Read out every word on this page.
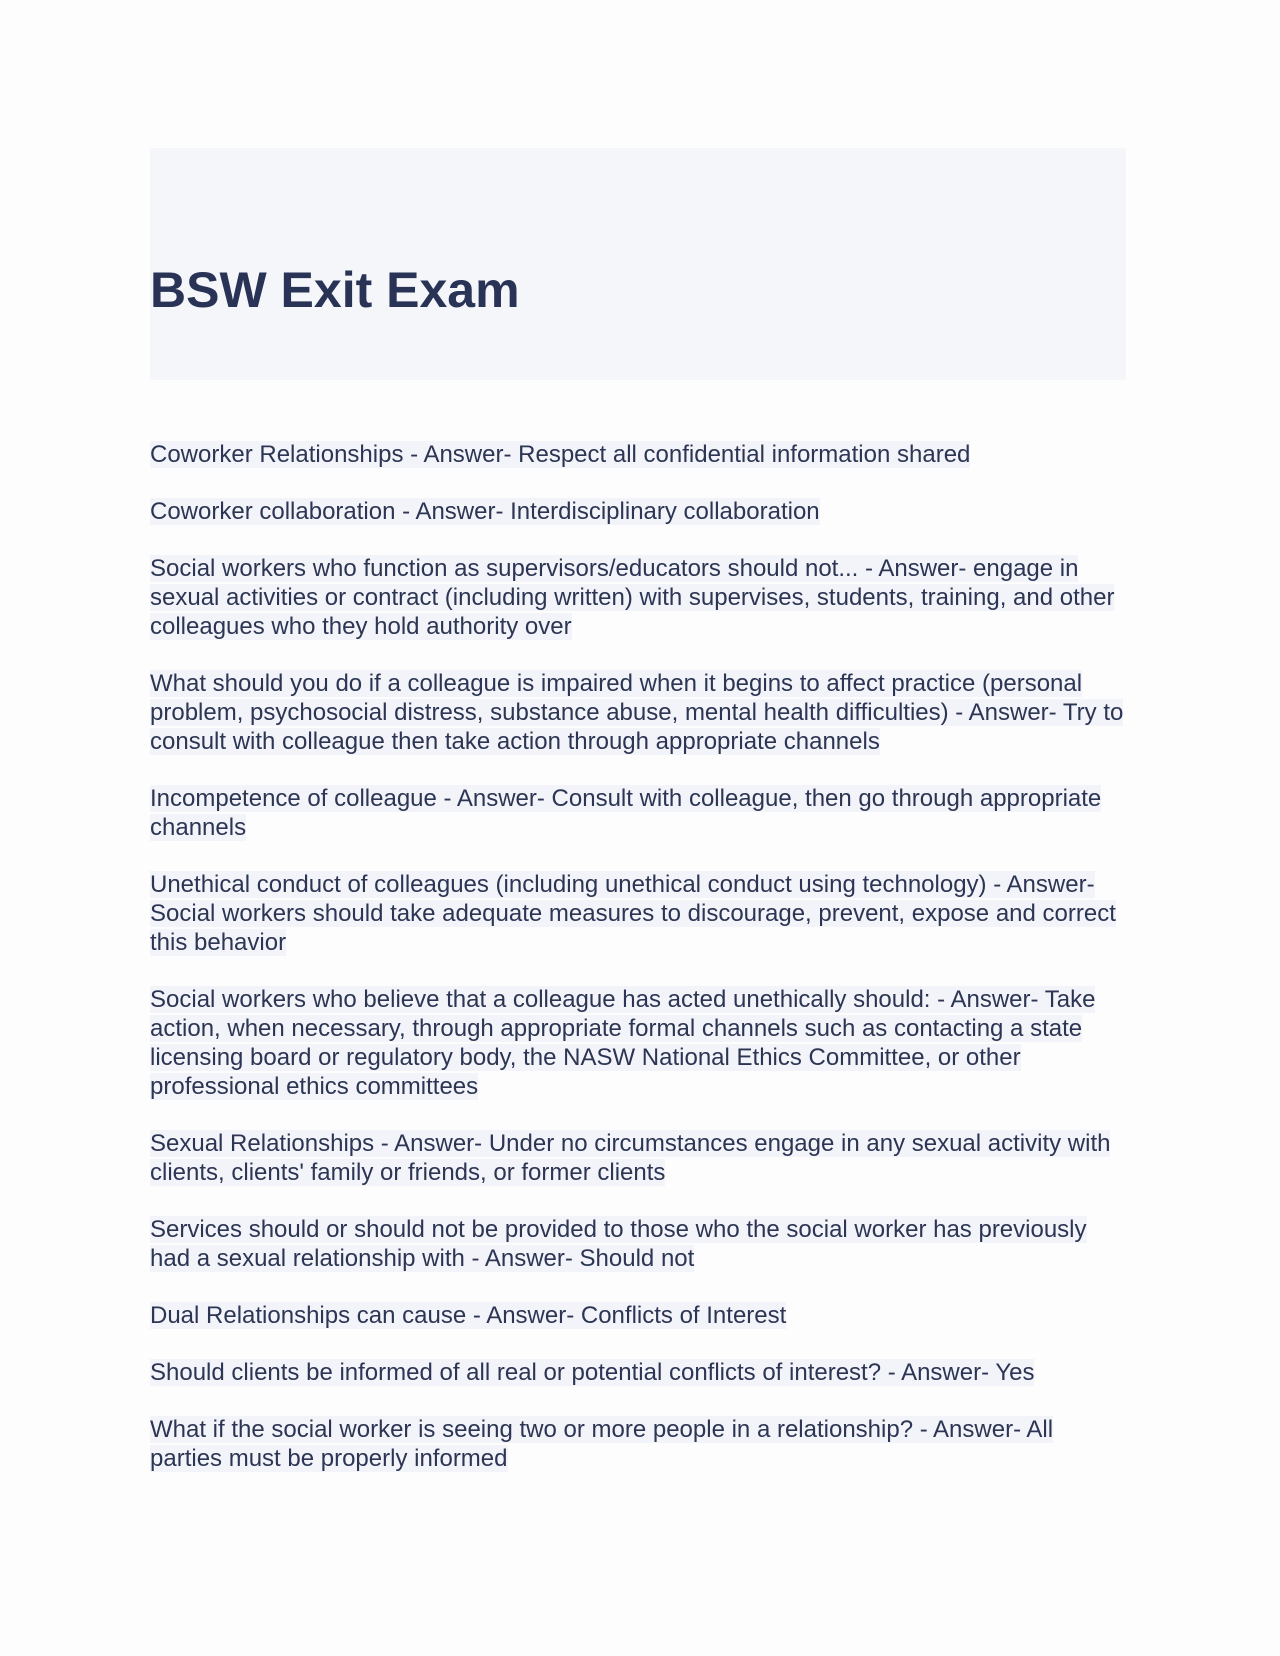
BSW Exit Exam

Coworker Relationships - Answer- Respect all confidential information shared

Coworker collaboration - Answer- Interdisciplinary collaboration

Social workers who function as supervisors/educators should not... - Answer- engage in sexual activities or contract (including written) with supervises, students, training, and other colleagues who they hold authority over

What should you do if a colleague is impaired when it begins to affect practice (personal problem, psychosocial distress, substance abuse, mental health difficulties) - Answer- Try to consult with colleague then take action through appropriate channels

Incompetence of colleague - Answer- Consult with colleague, then go through appropriate channels

Unethical conduct of colleagues (including unethical conduct using technology) - Answer- Social workers should take adequate measures to discourage, prevent, expose and correct this behavior

Social workers who believe that a colleague has acted unethically should: - Answer- Take action, when necessary, through appropriate formal channels such as contacting a state licensing board or regulatory body, the NASW National Ethics Committee, or other professional ethics committees

Sexual Relationships - Answer- Under no circumstances engage in any sexual activity with clients, clients' family or friends, or former clients

Services should or should not be provided to those who the social worker has previously had a sexual relationship with - Answer- Should not

Dual Relationships can cause - Answer- Conflicts of Interest

Should clients be informed of all real or potential conflicts of interest? - Answer- Yes

What if the social worker is seeing two or more people in a relationship? - Answer- All parties must be properly informed
